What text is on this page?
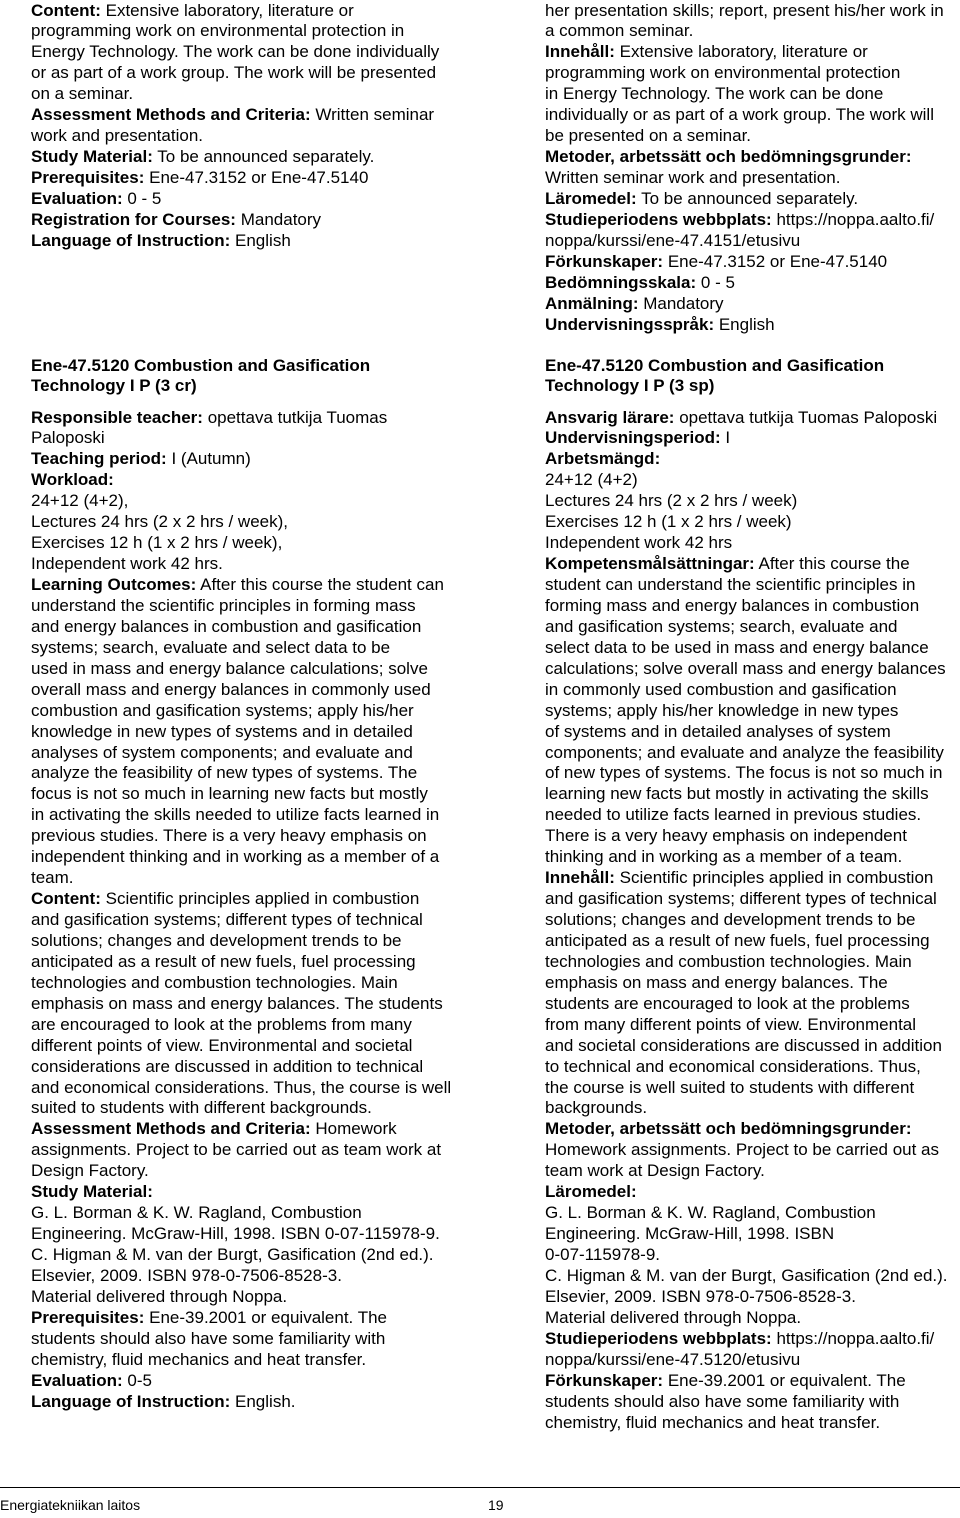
Content: Extensive laboratory, literature or
programming work on environmental protection in
Energy Technology. The work can be done individually
or as part of a work group. The work will be presented
on a seminar.
Assessment Methods and Criteria: Written seminar
work and presentation.
Study Material: To be announced separately.
Prerequisites: Ene-47.3152 or Ene-47.5140
Evaluation: 0 - 5
Registration for Courses: Mandatory
Language of Instruction: English
Ene-47.5120 Combustion and Gasification
Technology I P (3 cr)
Responsible teacher: opettava tutkija Tuomas
Paloposki
Teaching period: I (Autumn)
Workload:
24+12 (4+2),
Lectures 24 hrs (2 x 2 hrs / week),
Exercises 12 h (1 x 2 hrs / week),
Independent work 42 hrs.
Learning Outcomes: After this course the student can
understand the scientific principles in forming mass
and energy balances in combustion and gasification
systems; search, evaluate and select data to be
used in mass and energy balance calculations; solve
overall mass and energy balances in commonly used
combustion and gasification systems; apply his/her
knowledge in new types of systems and in detailed
analyses of system components; and evaluate and
analyze the feasibility of new types of systems. The
focus is not so much in learning new facts but mostly
in activating the skills needed to utilize facts learned in
previous studies. There is a very heavy emphasis on
independent thinking and in working as a member of a
team.
Content: Scientific principles applied in combustion
and gasification systems; different types of technical
solutions; changes and development trends to be
anticipated as a result of new fuels, fuel processing
technologies and combustion technologies. Main
emphasis on mass and energy balances. The students
are encouraged to look at the problems from many
different points of view. Environmental and societal
considerations are discussed in addition to technical
and economical considerations. Thus, the course is well
suited to students with different backgrounds.
Assessment Methods and Criteria: Homework
assignments. Project to be carried out as team work at
Design Factory.
Study Material:
G. L. Borman & K. W. Ragland, Combustion
Engineering. McGraw-Hill, 1998. ISBN 0-07-115978-9.
C. Higman & M. van der Burgt, Gasification (2nd ed.).
Elsevier, 2009. ISBN 978-0-7506-8528-3.
Material delivered through Noppa.
Prerequisites: Ene-39.2001 or equivalent. The
students should also have some familiarity with
chemistry, fluid mechanics and heat transfer.
Evaluation: 0-5
Language of Instruction: English.
her presentation skills; report, present his/her work in
a common seminar.
Innehåll: Extensive laboratory, literature or
programming work on environmental protection
in Energy Technology. The work can be done
individually or as part of a work group. The work will
be presented on a seminar.
Metoder, arbetssätt och bedömningsgrunder:
Written seminar work and presentation.
Läromedel: To be announced separately.
Studieperiodens webbplats: https://noppa.aalto.fi/
noppa/kurssi/ene-47.4151/etusivu
Förkunskaper: Ene-47.3152 or Ene-47.5140
Bedömningsskala: 0 - 5
Anmälning: Mandatory
Undervisningsspråk: English
Ene-47.5120 Combustion and Gasification
Technology I P (3 sp)
Ansvarig lärare: opettava tutkija Tuomas Paloposki
Undervisningsperiod: I
Arbetsmängd:
24+12 (4+2)
Lectures 24 hrs (2 x 2 hrs / week)
Exercises 12 h (1 x 2 hrs / week)
Independent work 42 hrs
Kompetensmålsättningar: After this course the
student can understand the scientific principles in
forming mass and energy balances in combustion
and gasification systems; search, evaluate and
select data to be used in mass and energy balance
calculations; solve overall mass and energy balances
in commonly used combustion and gasification
systems; apply his/her knowledge in new types
of systems and in detailed analyses of system
components; and evaluate and analyze the feasibility
of new types of systems. The focus is not so much in
learning new facts but mostly in activating the skills
needed to utilize facts learned in previous studies.
There is a very heavy emphasis on independent
thinking and in working as a member of a team.
Innehåll: Scientific principles applied in combustion
and gasification systems; different types of technical
solutions; changes and development trends to be
anticipated as a result of new fuels, fuel processing
technologies and combustion technologies. Main
emphasis on mass and energy balances. The
students are encouraged to look at the problems
from many different points of view. Environmental
and societal considerations are discussed in addition
to technical and economical considerations. Thus,
the course is well suited to students with different
backgrounds.
Metoder, arbetssätt och bedömningsgrunder:
Homework assignments. Project to be carried out as
team work at Design Factory.
Läromedel:
G. L. Borman & K. W. Ragland, Combustion
Engineering. McGraw-Hill, 1998. ISBN
0-07-115978-9.
C. Higman & M. van der Burgt, Gasification (2nd ed.).
Elsevier, 2009. ISBN 978-0-7506-8528-3.
Material delivered through Noppa.
Studieperiodens webbplats: https://noppa.aalto.fi/
noppa/kurssi/ene-47.5120/etusivu
Förkunskaper: Ene-39.2001 or equivalent. The
students should also have some familiarity with
chemistry, fluid mechanics and heat transfer.
Energiatekniikan laitos	19
